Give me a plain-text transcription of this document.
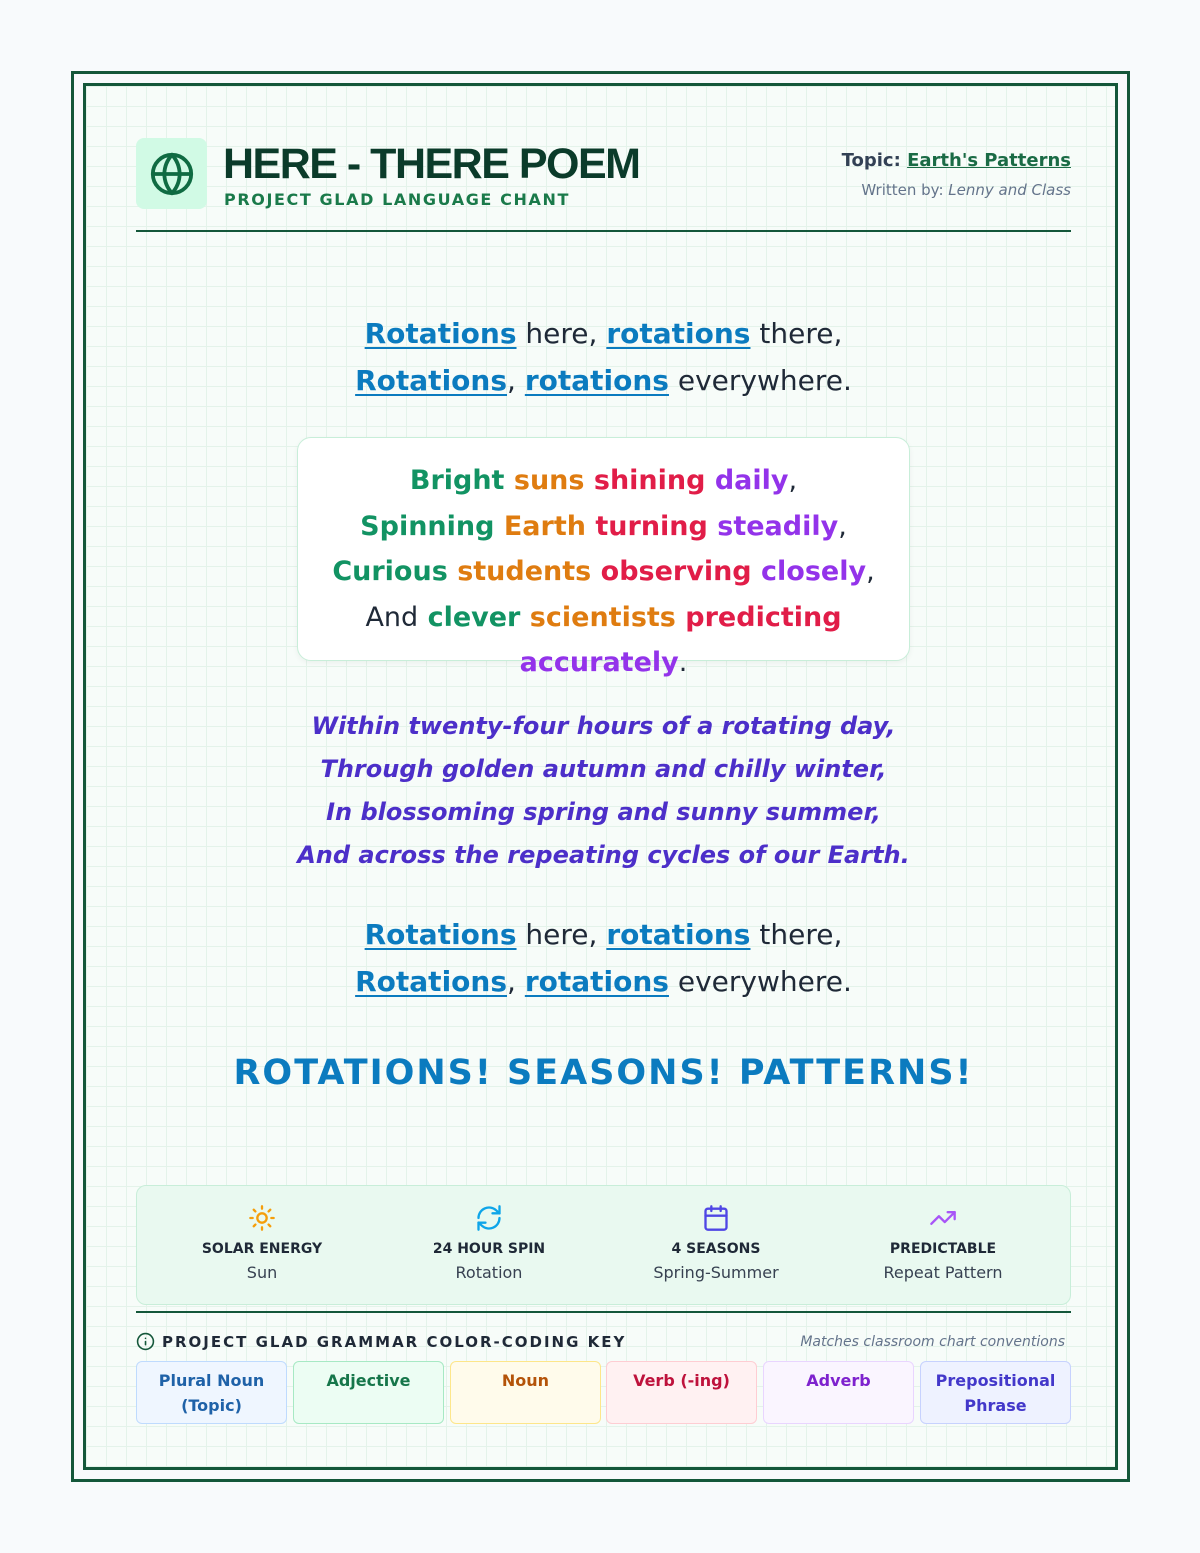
HERE - THERE POEM
PROJECT GLAD LANGUAGE CHANT
Topic: Earth's Patterns
Written by: Lenny and Class
Rotations here, rotations there,
Rotations, rotations everywhere.
Bright suns shining daily,
Spinning Earth turning steadily,
Curious students observing closely,
And clever scientists predicting accurately.
Within twenty-four hours of a rotating day,
Through golden autumn and chilly winter,
In blossoming spring and sunny summer,
And across the repeating cycles of our Earth.
Rotations here, rotations there,
Rotations, rotations everywhere.
ROTATIONS! SEASONS! PATTERNS!
SOLAR ENERGY
Sun
24 HOUR SPIN
Rotation
4 SEASONS
Spring-Summer
PREDICTABLE
Repeat Pattern
PROJECT GLAD GRAMMAR COLOR-CODING KEY	Matches classroom chart conventions
Plural Noun
(Topic)
Adjective	Noun	Verb (-ing)	Adverb	Prepositional
Phrase
